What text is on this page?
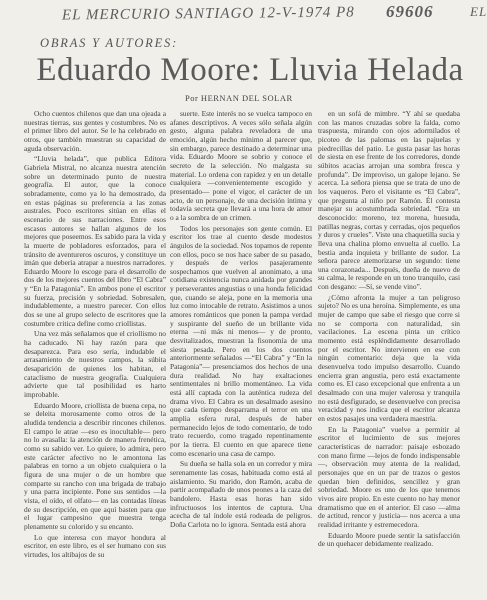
EL MERCURIO SANTIAGO 12-V-1974 P8 69606	EL
OBRAS Y AUTORES:
Eduardo Moore: Lluvia Helada
Por HERNAN DEL SOLAR

Ocho cuentos chilenos que dan una ojeada a nuestras tierras, sus gentes y costumbres. No es el primer libro del autor. Se le ha celebrado en otros, que también muestran su capacidad de aguda observación.

“Lluvia helada”, que publica Editora Gabriela Mistral, no alcanza nuestra atención sobre un determinado punto de nuestra geografía. El autor, que la conoce sobradamente, como ya lo ha demostrado, da en estas páginas su preferencia a las zonas australes. Poco escritores sitúan en ellas el escenario de sus narraciones. Entre esos escasos autores se hallan algunos de los mejores que poseemos. Es sabido para la vida y la muerte de pobladores esforzados, para el tránsito de aventureros oscuros, y constituye un imán que debería atrapar a nuestros narradores. Eduardo Moore lo escoge para el desarrollo de dos de los mejores cuentos del libro “El Cabra” y “En la Patagonia”. En ambos pone el escritor su fuerza, precisión y sobriedad. Sobresalen, indudablemente, a nuestro parecer. Con ellos dos se une al grupo selecto de escritores que la costumbre critica define como criollistas.

Una vez más señalamos que el criollismo no ha caducado. Ni hay razón para que desaparezca. Para eso sería, indudable el arrasamiento de nuestros campos, la súbita desaparición de quienes los habitan, el cataclismo de nuestra geografía. Cualquiera advierte que tal posibilidad es harto improbable.

Eduardo Moore, criollista de buena cepa, no se deleita morosamente como otros de la aludida tendencia a describir rincones chilenos. El campo le atrae —eso es inocultable— pero no lo avasalla: la atención de manera frenética, como su sabido ver. Lo quiere, lo admira, pero este carácter afectivo no le amontona las palabras en torno a un objeto cualquiera o la figura de una mujer o de un hombre que comparte su rancho con una brigada de trabajo y una parra incipiente. Pone sus sentidos —la vista, el oído, el olfato— en las contadas líneas de su descripción, en que aquí basten para que el lugar campesino que muestra tenga plenamente su colorido y su encanto.

Lo que interesa con mayor hondura al escritor, en este libro, es el ser humano con sus virtudes, los altibajos de su

suerte. Este interés no se vuelca tampoco en afanes descriptivos. A veces sólo señala algún gesto, alguna palabra reveladora de una emoción, algún hecho mínimo al parecer que, sin embargo, parece destinado a determinar una vida. Eduardo Moore se sobrio y conoce el secreto de la selección. No malgasta su material. Lo ordena con rapidez y en un detalle cualquiera —convenientemente escogido y presentado— pone el vigor, el carácter de un acto, de un personaje, de una decisión íntima y todavía secreta que llevará a una hora de amor o a la sombra de un crimen.

Todos los personajes son gente común. El escritor los trae al cuento desde modestos ángulos de la sociedad. Nos topamos de repente con ellos, poco se nos hace saber de su pasado, y después de verlos pasajeramente sospechamos que vuelven al anonimato, a una cotidiana existencia nunca anidada por grandes y perseverantes angustias o una honda felicidad que, cuando se aleja, pone en la memoria una luz como intocable de retrato. Asistimos a unos amores románticos que ponen la pampa verdad y suspirante del sueño de un brillante vida eterna —ni más ni menos— y de pronto, desvitalizados, muestran la fisonomía de una siesta pesada. Pero en los dos cuentos anteriormente señalados —“El Cabra” y “En la Patagonia”— presenciamos dos hechos de una dura realidad. No hay exaltaciones sentimentales ni brillo momentáneo. La vida está allí captada con la auténtica rudeza del drama vivo. El Cabra es un desalmado asesino que cada tiempo desparrama el terror en una amplia esfera rural, después de haber permanecido lejos de todo comentario, de todo trato recuerdo, como tragado repentinamente por la tierra. El cuento en que aparece tiene como escenario una casa de campo.

Su dueña se halla sola en un corredor y mira serenamente las cosas, habituada como está al aislamiento. Su marido, don Ramón, acaba de partir acompañado de unos peones a la caza del bandolero. Hasta esas horas han sido infructuosos los intentos de captura. Una acecha de tal índole está rodeada de peligros. Doña Carlota no lo ignora. Sentada está ahora

en un sofá de mimbre. “Y ahí se quedaba con las manos cruzadas sobre la falda, como traspuesta, mirando con ojos adormilados el picoteo de las palomas en las pajuelas y piedrecillas del patio. Le gusta pasar las horas de siesta en ese frente de los corredores, donde súbitos acacias arrojan una sombra fresca y profunda”. De improviso, un galope lejano. Se acerca. La señora piensa que se trata de uno de los vaqueros. Pero el visitante es “El Cabra”, que pregunta al niño por Ramón. Él contesta manejar su acostumbrada sobriedad. “Era un desconocido: moreno, tez morena, huesuda, patillas negras, cortas y cerradas, ojos pequeños y duros y crueles”. Viste una chaquetilla sucia y lleva una chalina plomo envuelta al cuello. La bestia anda inquieta y brillante de sudor. La señora parece atemorizarse un segundo: tiene una corazonada... Después, dueña de nuevo de su calma, le responde en un tono tranquilo, casi con desgano: —Sí, se vende vino”.

¿Cómo afronta la mujer a tan peligroso sujeto? No es una heroína. Simplemente, es una mujer de campo que sabe el riesgo que corre si no se comporta con naturalidad, sin vacilaciones. La escena pinta un crítico momento está espléndidamente desarrollado por el escritor. No intervienen en ese con ningún comentario: deja que la vida desenvuelva todo impulso desarrollo. Cuando encierra gran angustia, pero está exactamente como es. El caso excepcional que enfrenta a un desalmado con una mujer valerosa y tranquila no está desfigurado, se desenvuelve con precisa veracidad y nos indica que el escritor alcanza en estos pasajes una verdadera maestría.

En la Patagonia” vuelve a permitir al escritor el lucimiento de sus mejores características de narrador: paisaje esbozado con mano firme —lejos de fondo indispensable—, observación muy atenta de la realidad, personajes que en un par de trazos o gestos quedan bien definidos, sencillez y gran sobriedad. Moore es uno de los que tenemos vivos aire propio. En este cuento no hay menor dramatismo que en el anterior. El caso —alma de actitud, rencor y justicia— nos acerca a una realidad irritante y estremecedora.

Eduardo Moore puede sentir la satisfacción de un quehacer debidamente realizado.
